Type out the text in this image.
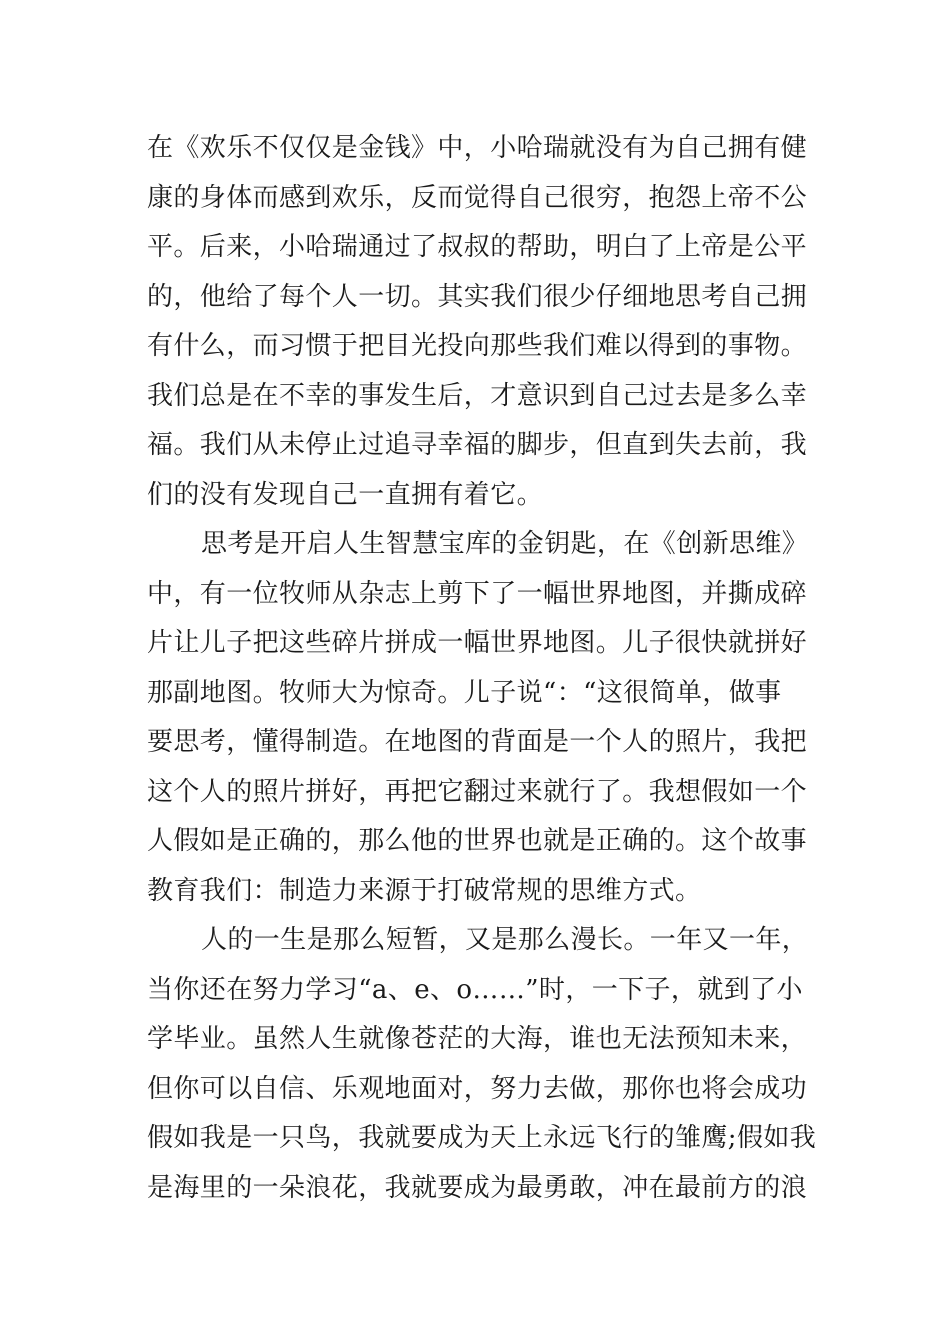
在《欢乐不仅仅是金钱》中，小哈瑞就没有为自己拥有健
康的身体而感到欢乐，反而觉得自己很穷，抱怨上帝不公
平。后来，小哈瑞通过了叔叔的帮助，明白了上帝是公平
的，他给了每个人一切。其实我们很少仔细地思考自己拥
有什么，而习惯于把目光投向那些我们难以得到的事物。
我们总是在不幸的事发生后，才意识到自己过去是多么幸
福。我们从未停止过追寻幸福的脚步，但直到失去前，我
们的没有发现自己一直拥有着它。
思考是开启人生智慧宝库的金钥匙，在《创新思维》
中，有一位牧师从杂志上剪下了一幅世界地图，并撕成碎
片让儿子把这些碎片拼成一幅世界地图。儿子很快就拼好
那副地图。牧师大为惊奇。儿子说“：“这很简单，做事
要思考，懂得制造。在地图的背面是一个人的照片，我把
这个人的照片拼好，再把它翻过来就行了。我想假如一个
人假如是正确的，那么他的世界也就是正确的。这个故事
教育我们：制造力来源于打破常规的思维方式。
人的一生是那么短暂，又是那么漫长。一年又一年，
当你还在努力学习“a、e、o……”时，一下子，就到了小
学毕业。虽然人生就像苍茫的大海，谁也无法预知未来，
但你可以自信、乐观地面对，努力去做，那你也将会成功
假如我是一只鸟，我就要成为天上永远飞行的雏鹰;假如我
是海里的一朵浪花，我就要成为最勇敢，冲在最前方的浪
